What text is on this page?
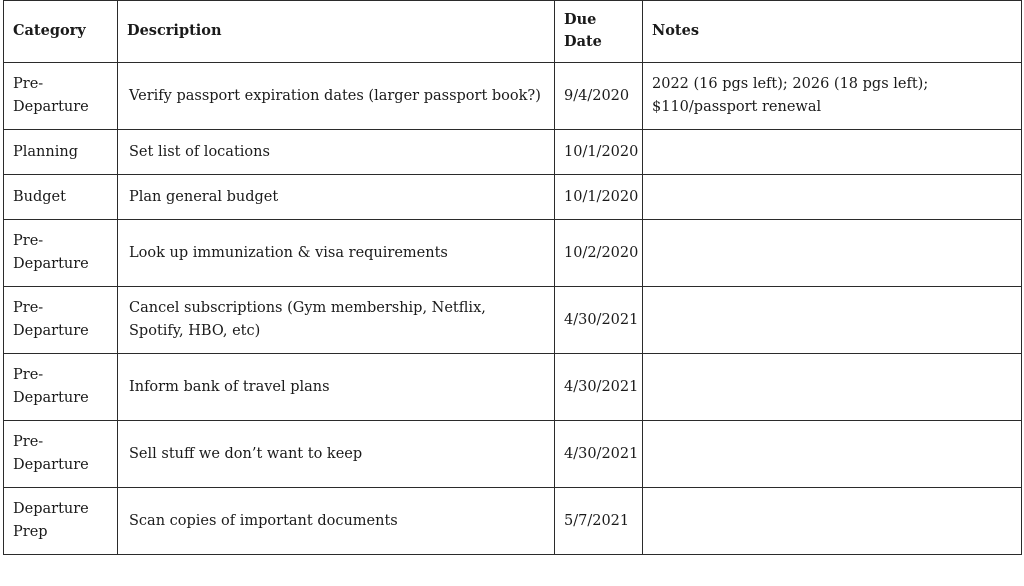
Category	Description	Due Date	Notes
Pre-Departure	Verify passport expiration dates (larger passport book?)	9/4/2020	2022 (16 pgs left); 2026 (18 pgs left); $110/passport renewal
Planning	Set list of locations	10/1/2020	
Budget	Plan general budget	10/1/2020	
Pre-Departure	Look up immunization & visa requirements	10/2/2020	
Pre-Departure	Cancel subscriptions (Gym membership, Netflix, Spotify, HBO, etc)	4/30/2021	
Pre-Departure	Inform bank of travel plans	4/30/2021	
Pre-Departure	Sell stuff we don’t want to keep	4/30/2021	
Departure Prep	Scan copies of important documents	5/7/2021	
